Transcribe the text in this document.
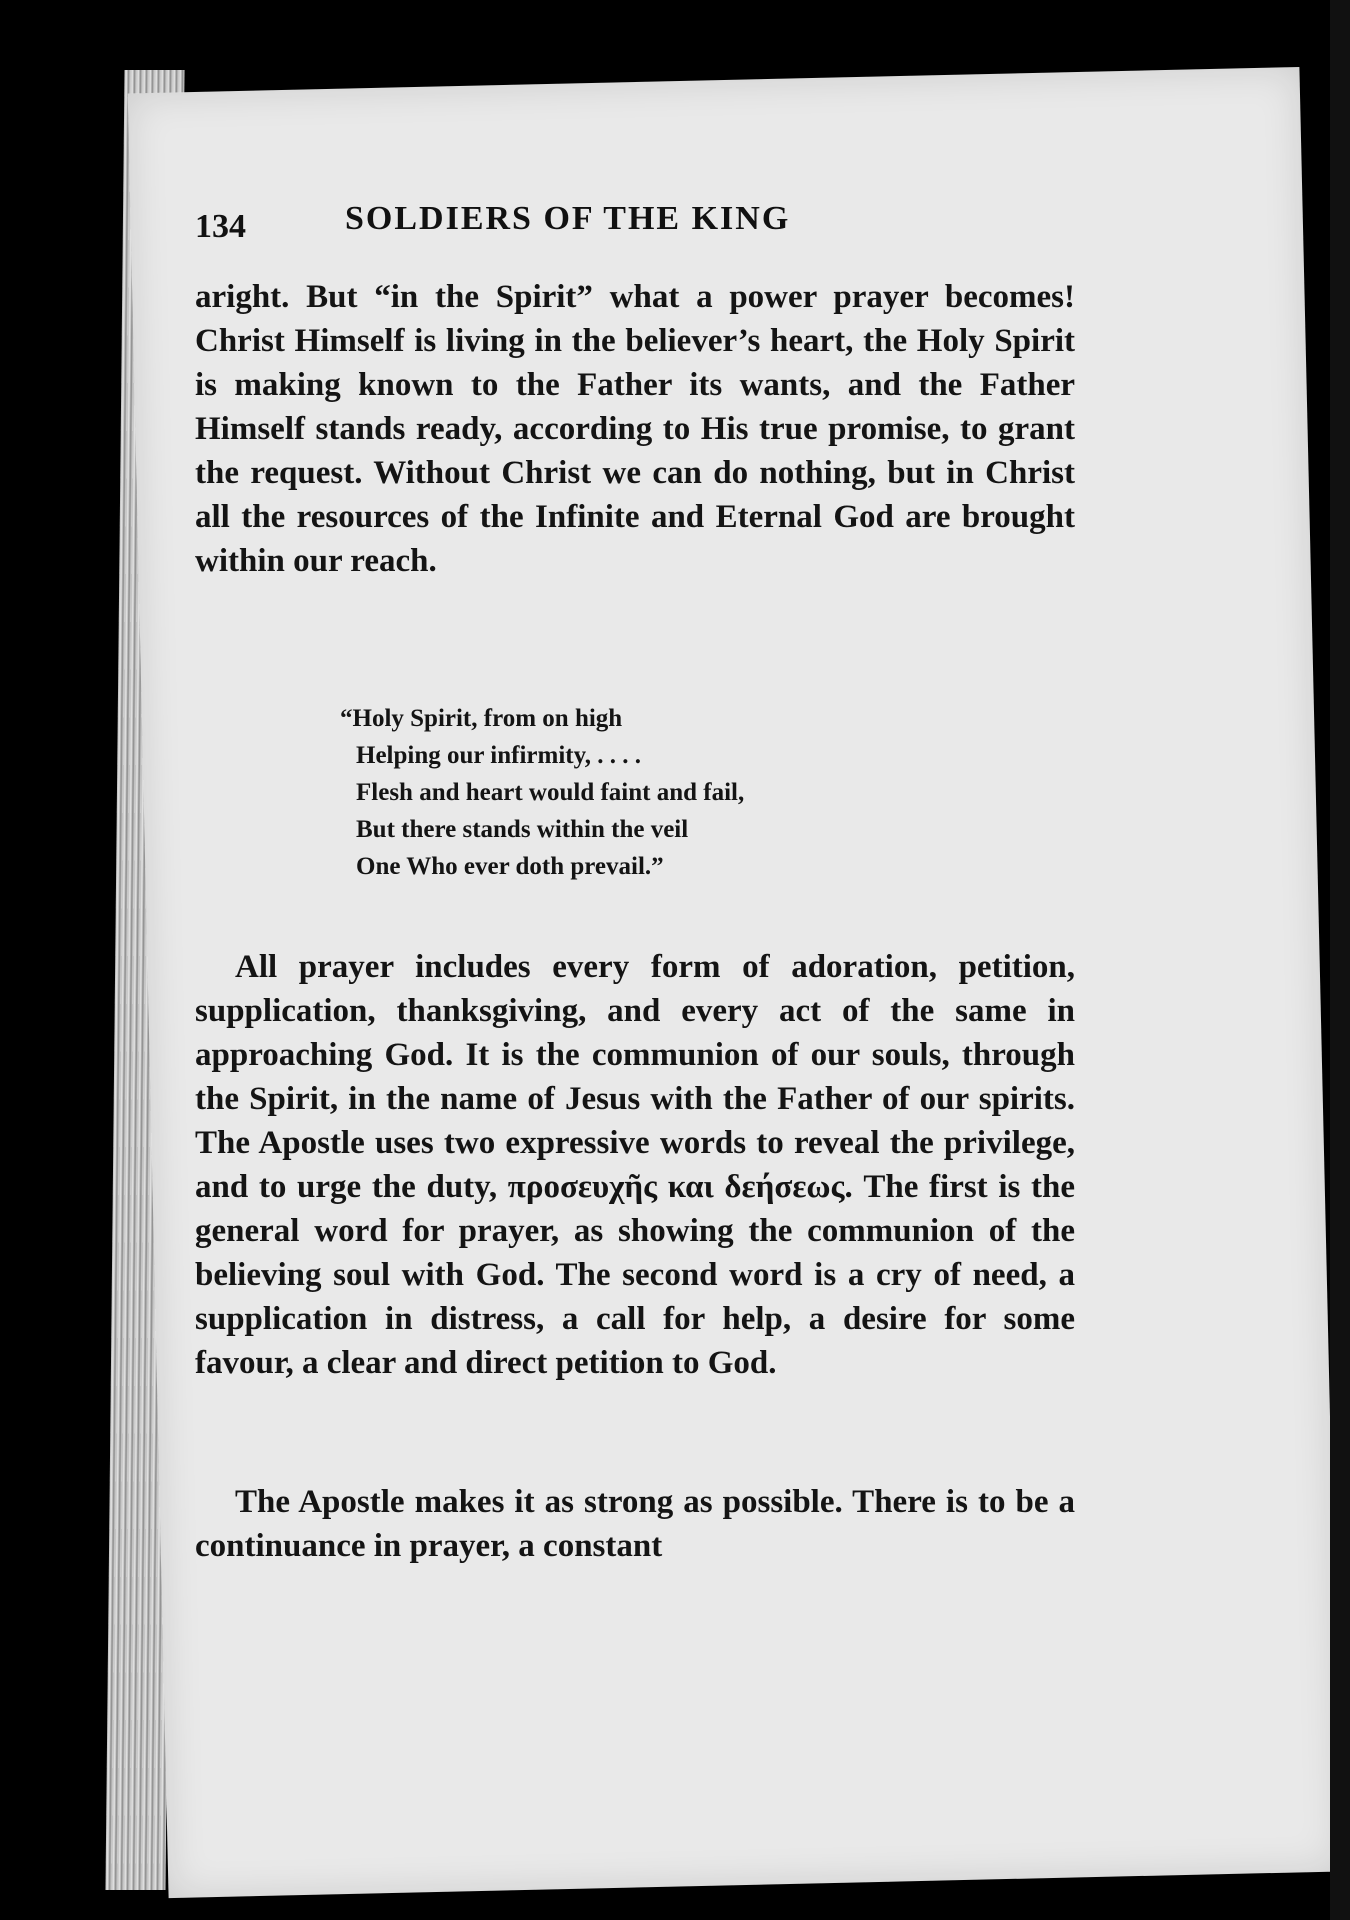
134	SOLDIERS OF THE KING
aright. But “in the Spirit” what a power prayer becomes! Christ Himself is living in the believer’s heart, the Holy Spirit is making known to the Father its wants, and the Father Himself stands ready, according to His true promise, to grant the request. Without Christ we can do nothing, but in Christ all the resources of the Infinite and Eternal God are brought within our reach.
“Holy Spirit, from on high
Helping our infirmity, . . . .
Flesh and heart would faint and fail,
But there stands within the veil
One Who ever doth prevail.”
All prayer includes every form of adoration, petition, supplication, thanksgiving, and every act of the same in approaching God. It is the communion of our souls, through the Spirit, in the name of Jesus with the Father of our spirits. The Apostle uses two expressive words to reveal the privilege, and to urge the duty, προσευχῆς και δεήσεως. The first is the general word for prayer, as showing the communion of the believing soul with God. The second word is a cry of need, a supplication in distress, a call for help, a desire for some favour, a clear and direct petition to God.
The Apostle makes it as strong as possible. There is to be a continuance in prayer, a constant
